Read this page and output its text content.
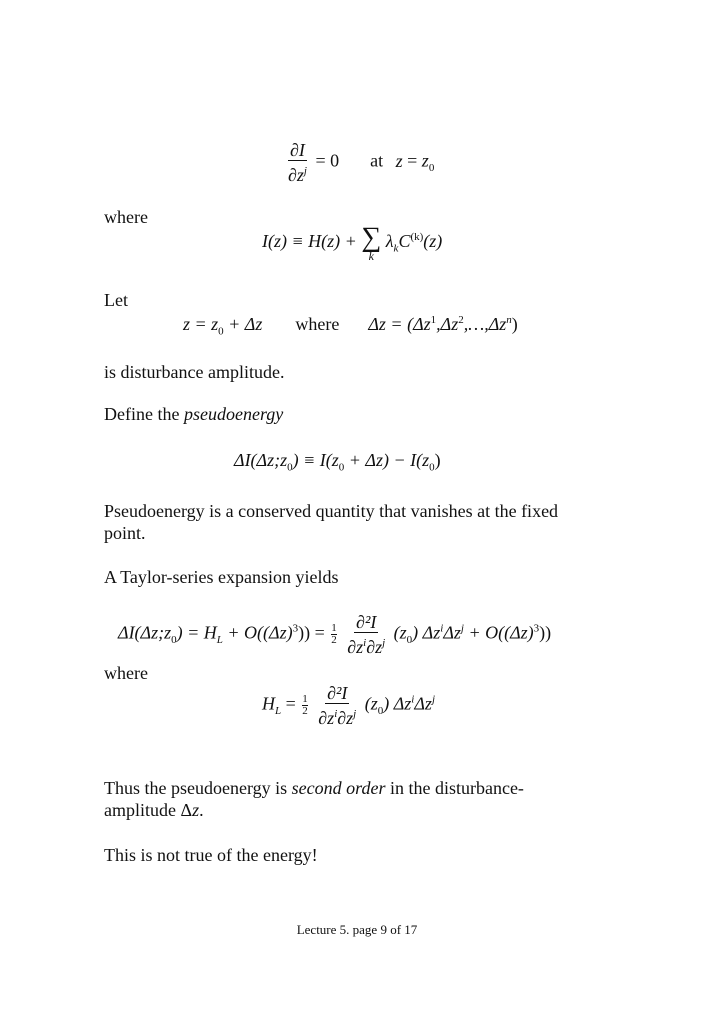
$\frac{\partial I}{\partial z^j} = 0$ at $z = z_0$
where
I(z) ≡ H(z) + ∑
k
$\lambda_kC^{(k)}(z)$
Let
$z = z_0 + \Delta z$ where $\Delta z = (\Delta z^1,\Delta z^2,\dots,\Delta z^n)$
is disturbance amplitude.
Define the pseudoenergy
$\Delta I(\Delta z;z_0) \equiv I(z_0 + \Delta z) - I(z_0)$
Pseudoenergy is a conserved quantity that vanishes at the fixed
point.
A Taylor-series expansion yields
$\Delta I(\Delta z;z_0) = H_L + O((\Delta z)^3)) = \frac{1}{2}$
$\frac{\text{∂²I}}{\partial z^i\partial z^j} (z_0) \Delta z^i\Delta z^j + O((\Delta z)^3)$)
where
$H_L = \frac{1}{2}$
$\frac{\text{∂²I}}{\partial z^i\partial z^j} (z_0)$ $\Delta z^i\Delta z^j$
Thus the pseudoenergy is second order in the disturbance-
amplitude Δz.
This is not true of the energy!
Lecture 5. page 9 of 17
